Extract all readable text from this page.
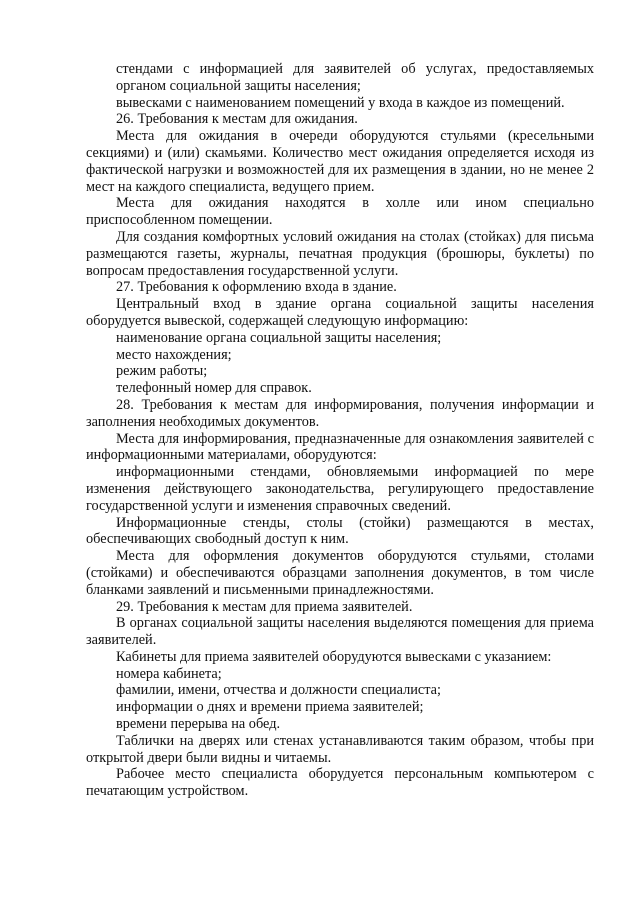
стендами с информацией для заявителей об услугах, предоставляемых органом социальной защиты населения;

вывесками с наименованием помещений у входа в каждое из помещений.

26. Требования к местам для ожидания.

Места для ожидания в очереди оборудуются стульями (кресельными секциями) и (или) скамьями. Количество мест ожидания определяется исходя из фактической нагрузки и возможностей для их размещения в здании, но не менее 2 мест на каждого специалиста, ведущего прием.

Места для ожидания находятся в холле или ином специально приспособленном помещении.

Для создания комфортных условий ожидания на столах (стойках) для письма размещаются газеты, журналы, печатная продукция (брошюры, буклеты) по вопросам предоставления государственной услуги.

27. Требования к оформлению входа в здание.

Центральный вход в здание органа социальной защиты населения оборудуется вывеской, содержащей следующую информацию:

наименование органа социальной защиты населения;

место нахождения;

режим работы;

телефонный номер для справок.

28. Требования к местам для информирования, получения информации и заполнения необходимых документов.

Места для информирования, предназначенные для ознакомления заявителей с информационными материалами, оборудуются:

информационными стендами, обновляемыми информацией по мере изменения действующего законодательства, регулирующего предоставление государственной услуги и изменения справочных сведений.

Информационные стенды, столы (стойки) размещаются в местах, обеспечивающих свободный доступ к ним.

Места для оформления документов оборудуются стульями, столами (стойками) и обеспечиваются образцами заполнения документов, в том числе бланками заявлений и письменными принадлежностями.

29. Требования к местам для приема заявителей.

В органах социальной защиты населения выделяются помещения для приема заявителей.

Кабинеты для приема заявителей оборудуются вывесками с указанием:

номера кабинета;

фамилии, имени, отчества и должности специалиста;

информации о днях и времени приема заявителей;

времени перерыва на обед.

Таблички на дверях или стенах устанавливаются таким образом, чтобы при открытой двери были видны и читаемы.

Рабочее место специалиста оборудуется персональным компьютером с печатающим устройством.
